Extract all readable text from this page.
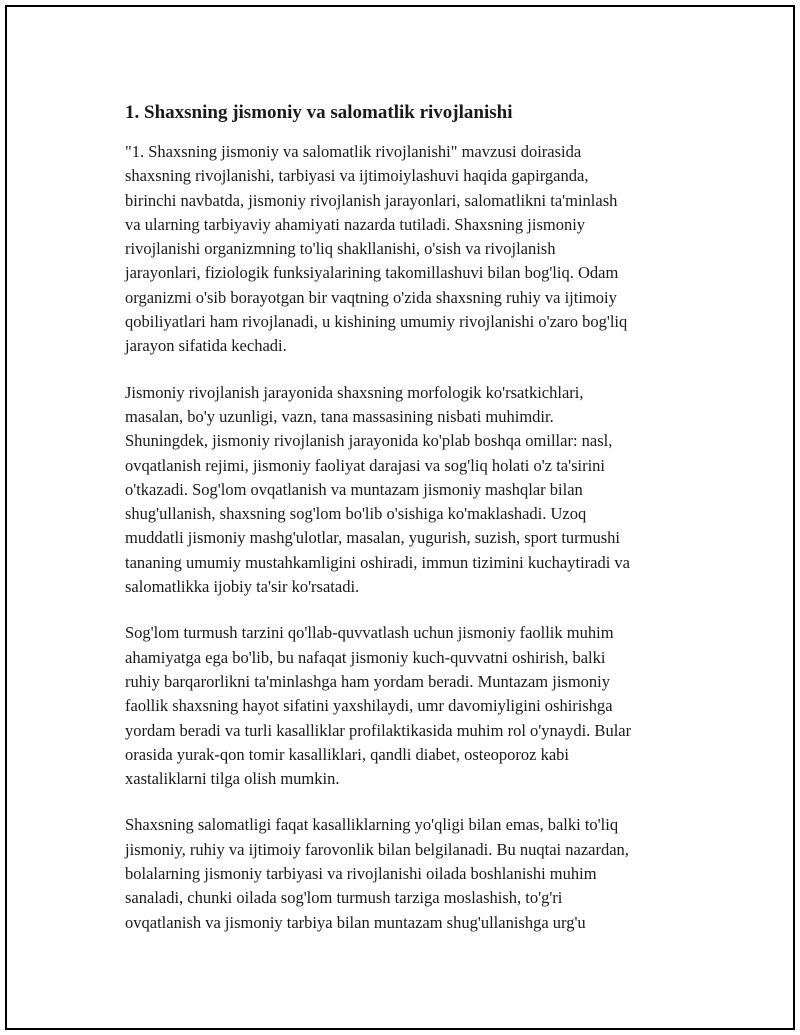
1. Shaxsning jismoniy va salomatlik rivojlanishi
"1. Shaxsning jismoniy va salomatlik rivojlanishi" mavzusi doirasida
shaxsning rivojlanishi, tarbiyasi va ijtimoiylashuvi haqida gapirganda,
birinchi navbatda, jismoniy rivojlanish jarayonlari, salomatlikni ta'minlash
va ularning tarbiyaviy ahamiyati nazarda tutiladi. Shaxsning jismoniy
rivojlanishi organizmning to'liq shakllanishi, o'sish va rivojlanish
jarayonlari, fiziologik funksiyalarining takomillashuvi bilan bog'liq. Odam
organizmi o'sib borayotgan bir vaqtning o'zida shaxsning ruhiy va ijtimoiy
qobiliyatlari ham rivojlanadi, u kishining umumiy rivojlanishi o'zaro bog'liq
jarayon sifatida kechadi.
Jismoniy rivojlanish jarayonida shaxsning morfologik ko'rsatkichlari,
masalan, bo'y uzunligi, vazn, tana massasining nisbati muhimdir.
Shuningdek, jismoniy rivojlanish jarayonida ko'plab boshqa omillar: nasl,
ovqatlanish rejimi, jismoniy faoliyat darajasi va sog'liq holati o'z ta'sirini
o'tkazadi. Sog'lom ovqatlanish va muntazam jismoniy mashqlar bilan
shug'ullanish, shaxsning sog'lom bo'lib o'sishiga ko'maklashadi. Uzoq
muddatli jismoniy mashg'ulotlar, masalan, yugurish, suzish, sport turmushi
tananing umumiy mustahkamligini oshiradi, immun tizimini kuchaytiradi va
salomatlikka ijobiy ta'sir ko'rsatadi.
Sog'lom turmush tarzini qo'llab-quvvatlash uchun jismoniy faollik muhim
ahamiyatga ega bo'lib, bu nafaqat jismoniy kuch-quvvatni oshirish, balki
ruhiy barqarorlikni ta'minlashga ham yordam beradi. Muntazam jismoniy
faollik shaxsning hayot sifatini yaxshilaydi, umr davomiyligini oshirishga
yordam beradi va turli kasalliklar profilaktikasida muhim rol o'ynaydi. Bular
orasida yurak-qon tomir kasalliklari, qandli diabet, osteoporoz kabi
xastaliklarni tilga olish mumkin.
Shaxsning salomatligi faqat kasalliklarning yo'qligi bilan emas, balki to'liq
jismoniy, ruhiy va ijtimoiy farovonlik bilan belgilanadi. Bu nuqtai nazardan,
bolalarning jismoniy tarbiyasi va rivojlanishi oilada boshlanishi muhim
sanaladi, chunki oilada sog'lom turmush tarziga moslashish, to'g'ri
ovqatlanish va jismoniy tarbiya bilan muntazam shug'ullanishga urg'u
